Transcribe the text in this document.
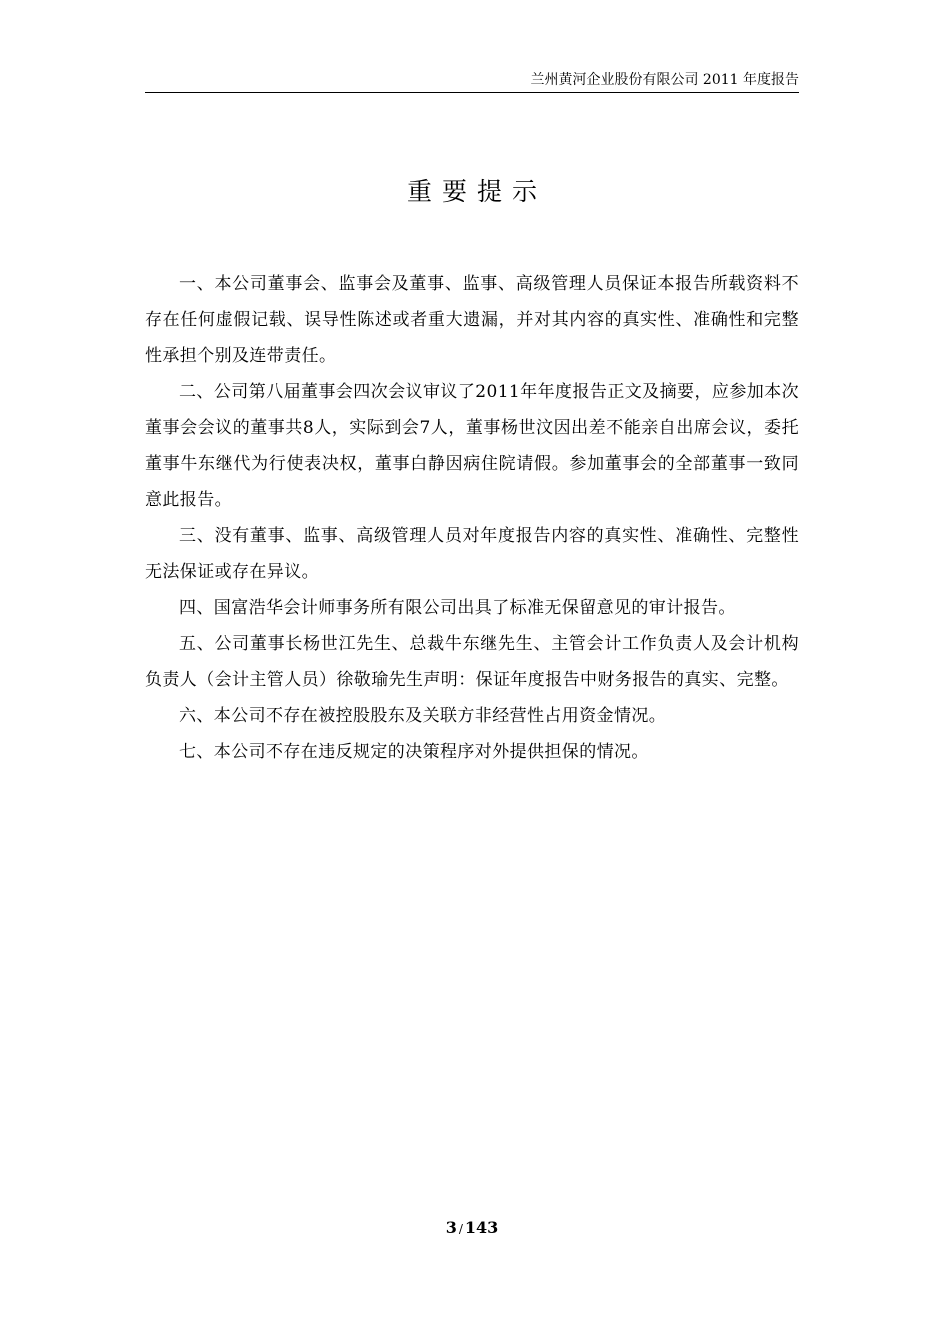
兰州黄河企业股份有限公司 2011 年度报告
重要提示

一、本公司董事会、监事会及董事、监事、高级管理人员保证本报告所载资料不存在任何虚假记载、误导性陈述或者重大遗漏，并对其内容的真实性、准确性和完整性承担个别及连带责任。

二、公司第八届董事会四次会议审议了2011年年度报告正文及摘要，应参加本次董事会会议的董事共8人，实际到会7人，董事杨世汶因出差不能亲自出席会议，委托董事牛东继代为行使表决权，董事白静因病住院请假。参加董事会的全部董事一致同意此报告。

三、没有董事、监事、高级管理人员对年度报告内容的真实性、准确性、完整性无法保证或存在异议。

四、国富浩华会计师事务所有限公司出具了标准无保留意见的审计报告。

五、公司董事长杨世江先生、总裁牛东继先生、主管会计工作负责人及会计机构负责人（会计主管人员）徐敬瑜先生声明：保证年度报告中财务报告的真实、完整。

六、本公司不存在被控股股东及关联方非经营性占用资金情况。

七、本公司不存在违反规定的决策程序对外提供担保的情况。

3 / 143
